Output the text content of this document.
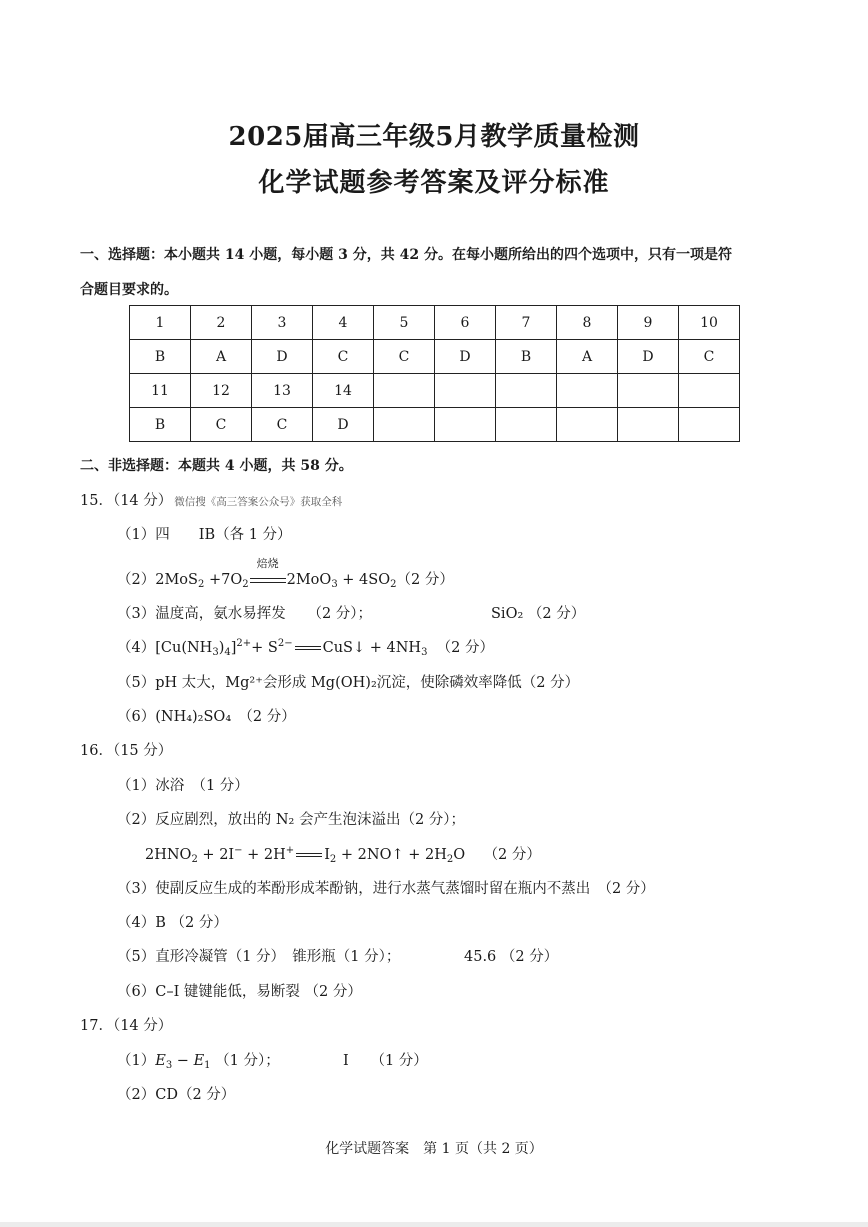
2025届高三年级5月教学质量检测
化学试题参考答案及评分标准
一、选择题：本小题共 14 小题，每小题 3 分，共 42 分。在每小题所给出的四个选项中，只有一项是符
合题目要求的。
1	2	3	4	5	6	7	8	9	10
B	A	D	C	C	D	B	A	D	C
11	12	13	14						
B	C	C	D						
二、非选择题：本题共 4 小题，共 58 分。
15．（14 分） 微信搜《高三答案公众号》获取全科
（1）四　　IB（各 1 分）
$(2)2MoS_2 +7O_2$
焙烧
$2MoO_3 + 4SO_2(2$ 分）
（3）温度高，氨水易挥发　　（2 分）；	SiO₂ （2 分）
$(4)[Cu(NH_3)_4]^{2+}+ S^{2-}$ CuS↓ + $4NH_3$ （2 分）
（5）pH 太大，Mg²⁺会形成 Mg(OH)₂沉淀，使除磷效率降低（2 分）
（6）(NH₄)₂SO₄　（2 分）
16．（15 分）
（1）冰浴　（1 分）
（2）反应剧烈，放出的 N₂ 会产生泡沫溢出（2 分）；
$2HNO_2 + 2I^- + 2H^+$ $I_2$ + 2NO↑ + $2H_2O$    （2 分）
（3）使副反应生成的苯酚形成苯酚钠，进行水蒸气蒸馏时留在瓶内不蒸出　（2 分）
（4）B （2 分）
（5）直形冷凝管（1 分）　锥形瓶（1 分）；	45.6 （2 分）
（6）C–I 键键能低，易断裂 （2 分）
17．（14 分）
$(1)E_3 - E_1$ （1 分）；	I　　（1 分）
（2）CD（2 分）
化学试题答案　第 1 页（共 2 页）
